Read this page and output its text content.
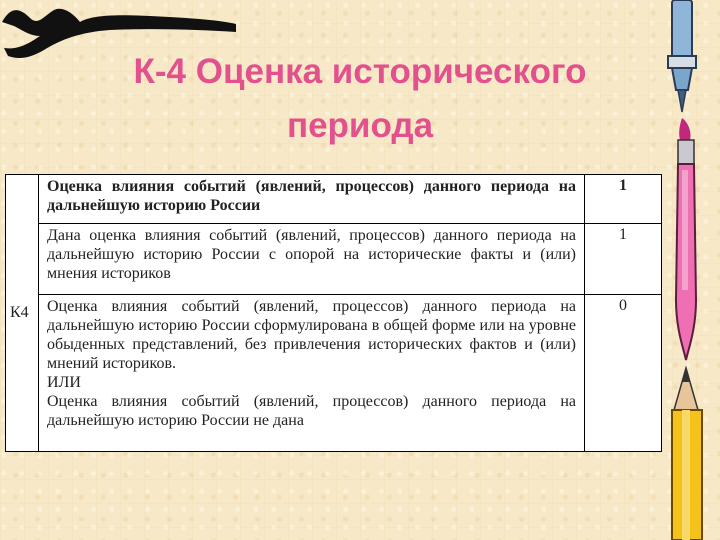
К-4 Оценка исторического периода
К4	Оценка влияния событий (явлений, процессов) данного периода на дальнейшую историю России	1
	Дана оценка влияния событий (явлений, процессов) данного периода на дальнейшую историю России с опорой на исторические факты и (или) мнения историков	1

	Оценка влияния событий (явлений, процессов) данного периода на дальнейшую историю России сформулирована в общей форме или на уровне обыденных представлений, без привлечения исторических фактов и (или) мнений историков.
ИЛИ
Оценка влияния событий (явлений, процессов) данного периода на дальнейшую историю России не дана	0
